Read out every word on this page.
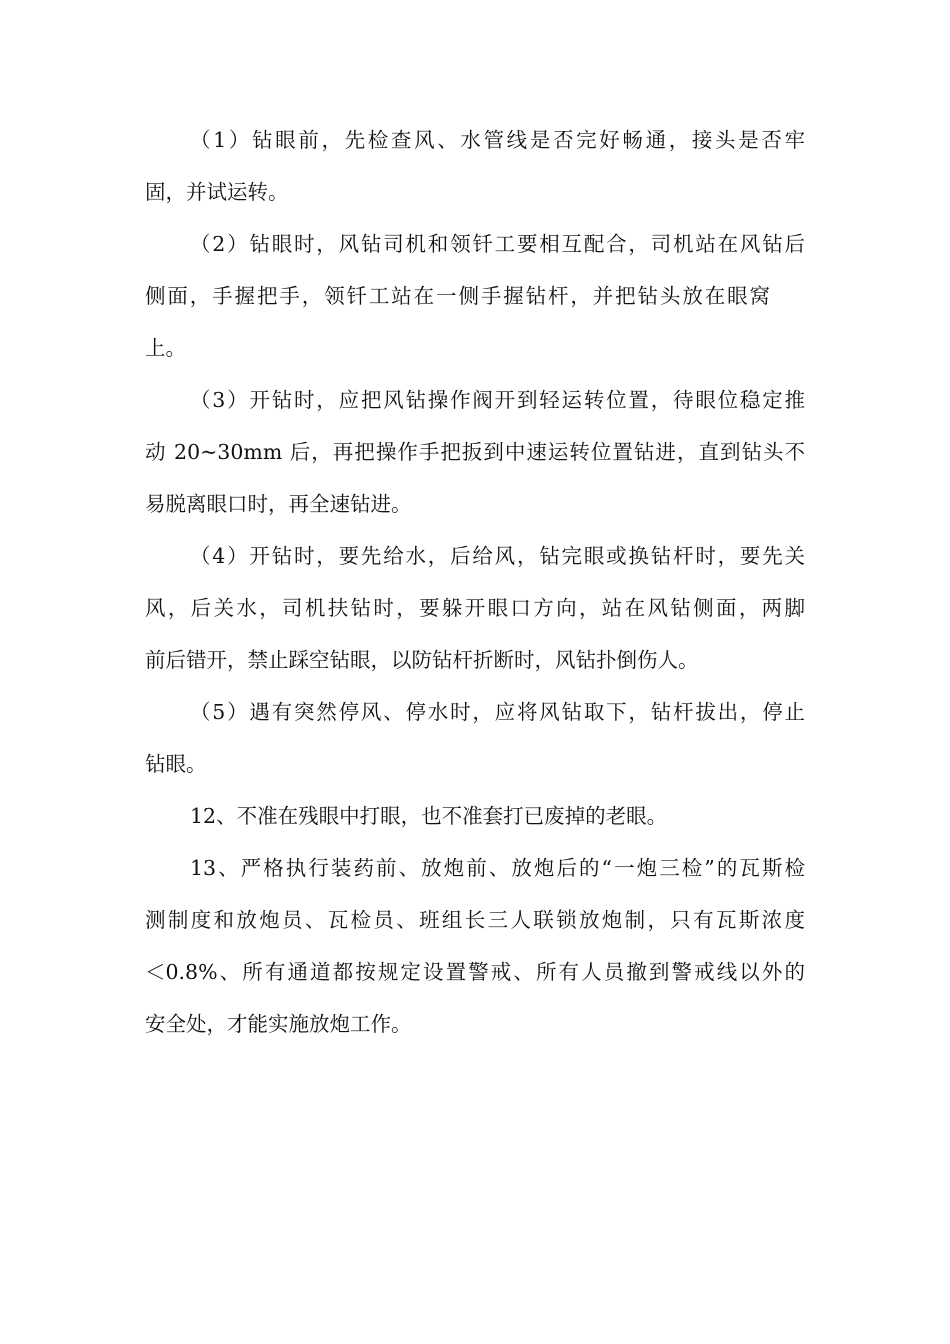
（1）钻眼前，先检查风、水管线是否完好畅通，接头是否牢
固，并试运转。

（2）钻眼时，风钻司机和领钎工要相互配合，司机站在风钻后
侧面，手握把手，领钎工站在一侧手握钻杆，并把钻头放在眼窝
上。

（3）开钻时，应把风钻操作阀开到轻运转位置，待眼位稳定推
动 20~30mm 后，再把操作手把扳到中速运转位置钻进，直到钻头不
易脱离眼口时，再全速钻进。

（4）开钻时，要先给水，后给风，钻完眼或换钻杆时，要先关
风，后关水，司机扶钻时，要躲开眼口方向，站在风钻侧面，两脚
前后错开，禁止踩空钻眼，以防钻杆折断时，风钻扑倒伤人。

（5）遇有突然停风、停水时，应将风钻取下，钻杆拔出，停止
钻眼。

12、不准在残眼中打眼，也不准套打已废掉的老眼。

13、严格执行装药前、放炮前、放炮后的“一炮三检”的瓦斯检
测制度和放炮员、瓦检员、班组长三人联锁放炮制，只有瓦斯浓度
＜0.8%、所有通道都按规定设置警戒、所有人员撤到警戒线以外的
安全处，才能实施放炮工作。
